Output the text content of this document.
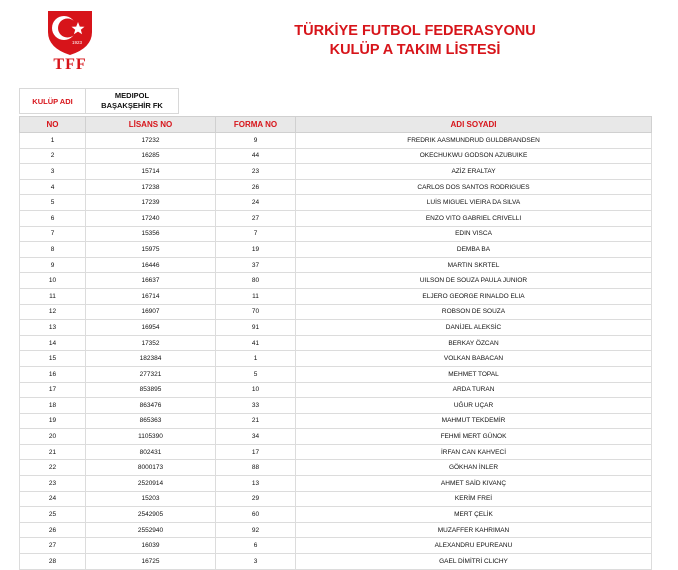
1923
TFF
TÜRKİYE FUTBOL FEDERASYONU
KULÜP A TAKIM LİSTESİ
KULÜP ADI
MEDIPOL
BAŞAKŞEHİR FK
NO	LİSANS NO	FORMA NO	ADI SOYADI
1	17232	9	FREDRIK AASMUNDRUD GULDBRANDSEN
2	16285	44	OKECHUKWU GODSON AZUBUIKE
3	15714	23	AZİZ ERALTAY
4	17238	26	CARLOS DOS SANTOS RODRIGUES
5	17239	24	LUİS MIGUEL VIEIRA DA SILVA
6	17240	27	ENZO VITO GABRIEL CRIVELLI
7	15356	7	EDIN VISCA
8	15975	19	DEMBA BA
9	16446	37	MARTIN SKRTEL
10	16637	80	UILSON DE SOUZA PAULA JUNIOR
11	16714	11	ELJERO GEORGE RINALDO ELIA
12	16907	70	ROBSON DE SOUZA
13	16954	91	DANİJEL ALEKSİC
14	17352	41	BERKAY ÖZCAN
15	182384	1	VOLKAN BABACAN
16	277321	5	MEHMET TOPAL
17	853895	10	ARDA TURAN
18	863476	33	UĞUR UÇAR
19	865363	21	MAHMUT TEKDEMİR
20	1105390	34	FEHMİ MERT GÜNOK
21	802431	17	İRFAN CAN KAHVECİ
22	8000173	88	GÖKHAN İNLER
23	2520914	13	AHMET SAİD KIVANÇ
24	15203	29	KERİM FREİ
25	2542905	60	MERT ÇELİK
26	2552940	92	MUZAFFER KAHRIMAN
27	16039	6	ALEXANDRU EPUREANU
28	16725	3	GAEL DİMİTRİ CLICHY
